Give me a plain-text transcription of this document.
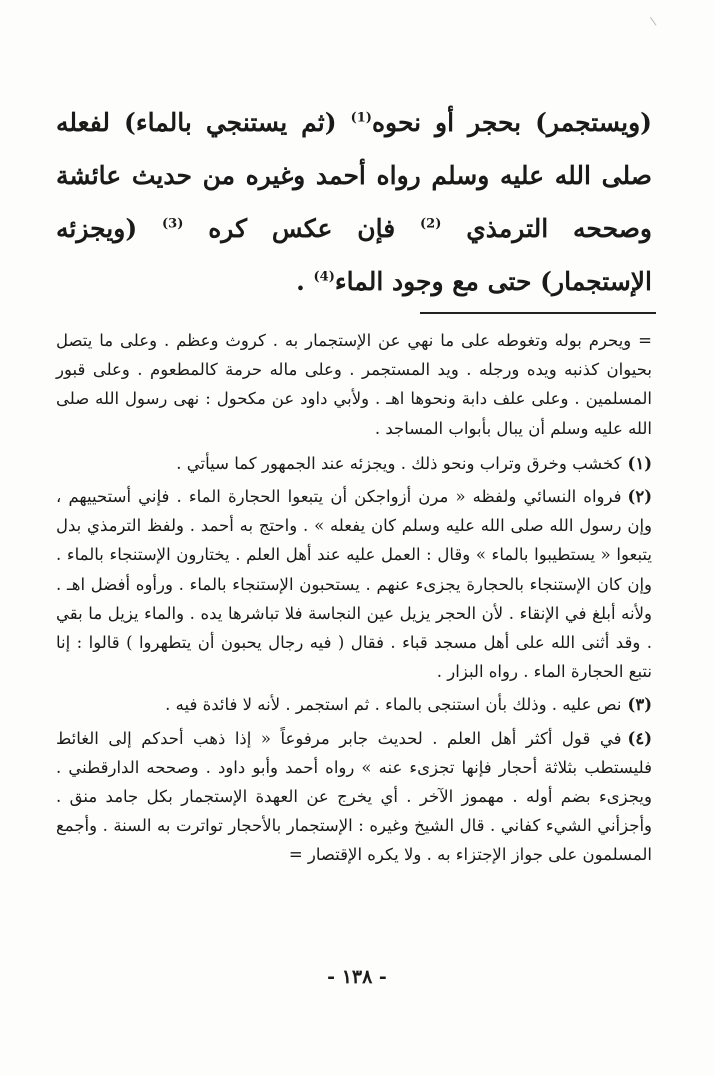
(ويستجمر) بحجر أو نحوه$^{(1)}$ (ثم يستنجي بالماء) لفعله صلى الله عليه وسلم رواه أحمد وغيره من حديث عائشة وصححه الترمذي $^{(2)}$ فإن عكس كره $^{(3)}$ (ويجزئه الإستجمار) حتى مع وجود الماء$^{(4)}$ .

= ويحرم بوله وتغوطه على ما نهي عن الإستجمار به . كروث وعظم . وعلى ما يتصل بحيوان كذنبه ويده ورجله . ويد المستجمر . وعلى ماله حرمة كالمطعوم . وعلى قبور المسلمين . وعلى علف دابة ونحوها اهـ . ولأبي داود عن مكحول : نهى رسول الله صلى الله عليه وسلم أن يبال بأبواب المساجد .

(١)كخشب وخرق وتراب ونحو ذلك . ويجزئه عند الجمهور كما سيأتي .

(٢)فرواه النسائي ولفظه « مرن أزواجكن أن يتبعوا الحجارة الماء . فإني أستحييهم ، وإن رسول الله صلى الله عليه وسلم كان يفعله » . واحتج به أحمد . ولفظ الترمذي بدل يتبعوا « يستطيبوا بالماء » وقال : العمل عليه عند أهل العلم . يختارون الإستنجاء بالماء . وإن كان الإستنجاء بالحجارة يجزىء عنهم . يستحبون الإستنجاء بالماء . ورأوه أفضل اهـ . ولأنه أبلغ في الإنقاء . لأن الحجر يزيل عين النجاسة فلا تباشرها يده . والماء يزيل ما بقي . وقد أثنى الله على أهل مسجد قباء . فقال ( فيه رجال يحبون أن يتطهروا ) قالوا : إنا نتبع الحجارة الماء . رواه البزار .

(٣)نص عليه . وذلك بأن استنجى بالماء . ثم استجمر . لأنه لا فائدة فيه .

(٤)في قول أكثر أهل العلم . لحديث جابر مرفوعاً « إذا ذهب أحدكم إلى الغائط فليستطب بثلاثة أحجار فإنها تجزىء عنه » رواه أحمد وأبو داود . وصححه الدارقطني . ويجزىء بضم أوله . مهموز الآخر . أي يخرج عن العهدة الإستجمار بكل جامد منق . وأجزأني الشيء كفاني . قال الشيخ وغيره : الإستجمار بالأحجار تواترت به السنة . وأجمع المسلمون على جواز الإجتزاء به . ولا يكره الإقتصار =

- ١٣٨ -
